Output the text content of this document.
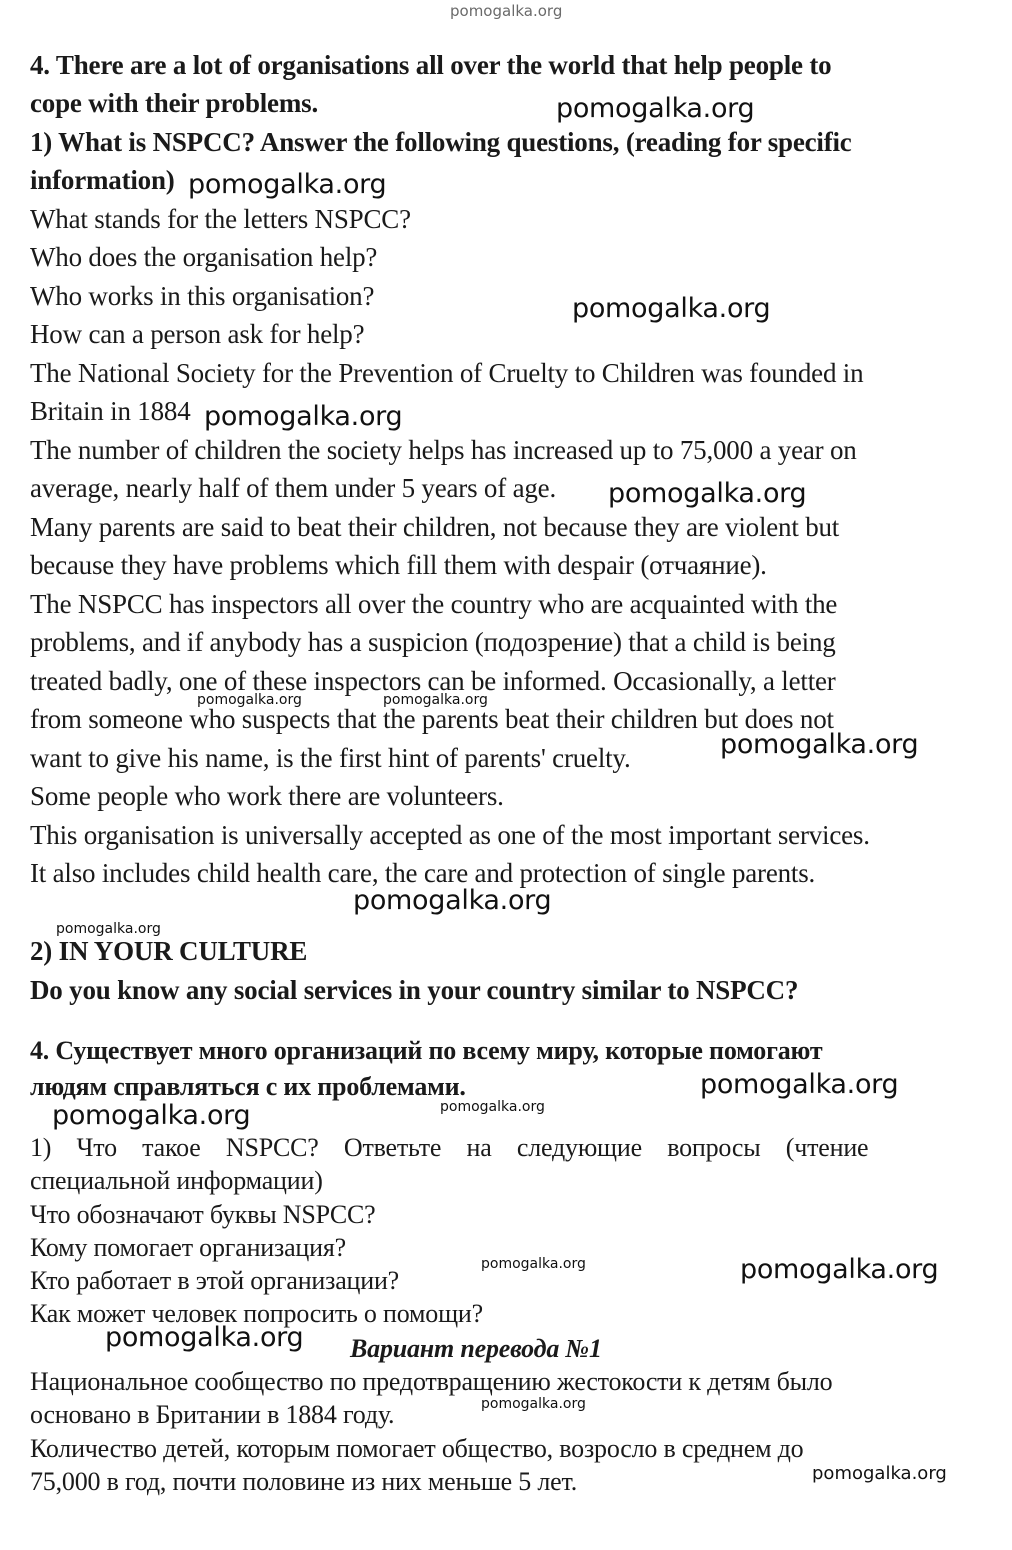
pomogalka.org
4. There are a lot of organisations all over the world that help people to
cope with their problems.
1) What is NSPCC? Answer the following questions, (reading for specific
information)
What stands for the letters NSPCC?
Who does the organisation help?
Who works in this organisation?
How can a person ask for help?
The National Society for the Prevention of Cruelty to Children was founded in
Britain in 1884
The number of children the society helps has increased up to 75,000 a year on
average, nearly half of them under 5 years of age.
Many parents are said to beat their children, not because they are violent but
because they have problems which fill them with despair (отчаяние).
The NSPCC has inspectors all over the country who are acquainted with the
problems, and if anybody has a suspicion (подозрение) that a child is being
treated badly, one of these inspectors can be informed. Occasionally, a letter
from someone who suspects that the parents beat their children but does not
want to give his name, is the first hint of parents' cruelty.
Some people who work there are volunteers.
This organisation is universally accepted as one of the most important services.
It also includes child health care, the care and protection of single parents.
2) IN YOUR CULTURE
Do you know any social services in your country similar to NSPCC?
4. Существует много организаций по всему миру, которые помогают
людям справляться с их проблемами.
1) Что такое NSPCC? Ответьте на следующие вопросы (чтение
специальной информации)
Что обозначают буквы NSPCC?
Кому помогает организация?
Кто работает в этой организации?
Как может человек попросить о помощи?
Вариант перевода №1
Национальное сообщество по предотвращению жестокости к детям было
основано в Британии в 1884 году.
Количество детей, которым помогает общество, возросло в среднем до
75,000 в год, почти половине из них меньше 5 лет.
pomogalka.org
pomogalka.org
pomogalka.org
pomogalka.org
pomogalka.org
pomogalka.org	pomogalka.org
pomogalka.org
pomogalka.org
pomogalka.org
pomogalka.org
pomogalka.org	pomogalka.org
pomogalka.org	pomogalka.org
pomogalka.org
pomogalka.org
pomogalka.org
